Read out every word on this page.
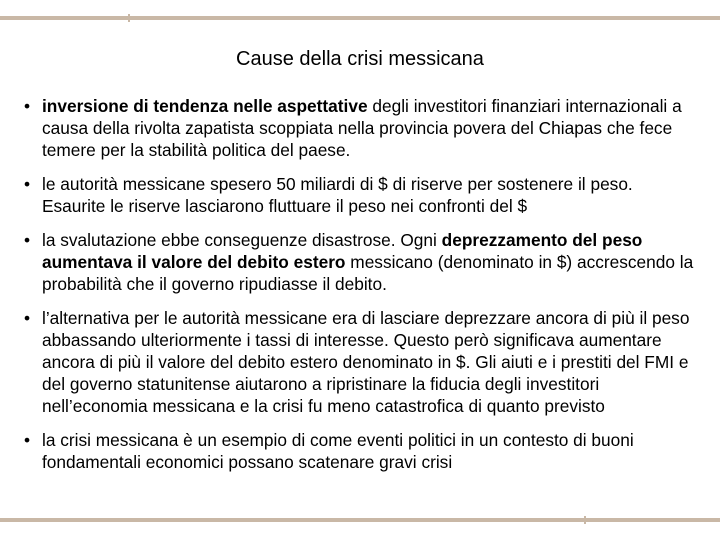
Cause della crisi messicana
• inversione di tendenza nelle aspettative degli investitori finanziari internazionali a causa della rivolta zapatista scoppiata nella provincia povera del Chiapas che fece temere per la stabilità politica del paese.
• le autorità messicane spesero 50 miliardi di $ di riserve per sostenere il peso. Esaurite le riserve lasciarono fluttuare il peso nei confronti del $
• la svalutazione ebbe conseguenze disastrose. Ogni deprezzamento del peso aumentava il valore del debito estero messicano (denominato in $) accrescendo la probabilità che il governo ripudiasse il debito.
• l’alternativa per le autorità messicane era di lasciare deprezzare ancora di più il peso abbassando ulteriormente i tassi di interesse. Questo però significava aumentare ancora di più il valore del debito estero denominato in $. Gli aiuti e i prestiti del FMI e del governo statunitense aiutarono a ripristinare la fiducia degli investitori nell’economia messicana e la crisi fu meno catastrofica di quanto previsto
• la crisi messicana è un esempio di come eventi politici in un contesto di buoni fondamentali economici possano scatenare gravi crisi
